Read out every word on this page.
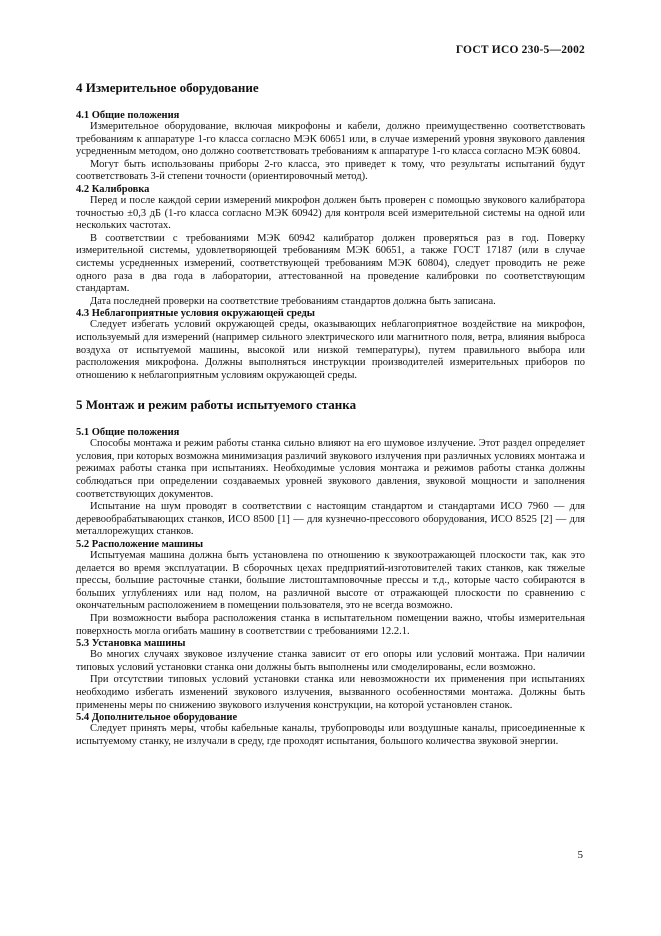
ГОСТ ИСО 230-5—2002
4 Измерительное оборудование
4.1 Общие положения

Измерительное оборудование, включая микрофоны и кабели, должно преимущественно соответствовать требованиям к аппаратуре 1-го класса согласно МЭК 60651 или, в случае измерений уровня звукового давления усредненным методом, оно должно соответствовать требованиям к аппаратуре 1-го класса согласно МЭК 60804.

Могут быть использованы приборы 2-го класса, это приведет к тому, что результаты испытаний будут соответствовать 3-й степени точности (ориентировочный метод).

4.2 Калибровка

Перед и после каждой серии измерений микрофон должен быть проверен с помощью звукового калибратора точностью ±0,3 дБ (1-го класса согласно МЭК 60942) для контроля всей измерительной системы на одной или нескольких частотах.

В соответствии с требованиями МЭК 60942 калибратор должен проверяться раз в год. Поверку измерительной системы, удовлетворяющей требованиям МЭК 60651, а также ГОСТ 17187 (или в случае системы усредненных измерений, соответствующей требованиям МЭК 60804), следует проводить не реже одного раза в два года в лаборатории, аттестованной на проведение калибровки по соответствующим стандартам.

Дата последней проверки на соответствие требованиям стандартов должна быть записана.

4.3 Неблагоприятные условия окружающей среды

Следует избегать условий окружающей среды, оказывающих неблагоприятное воздействие на микрофон, используемый для измерений (например сильного электрического или магнитного поля, ветра, влияния выброса воздуха от испытуемой машины, высокой или низкой температуры), путем правильного выбора или расположения микрофона. Должны выполняться инструкции производителей измерительных приборов по отношению к неблагоприятным условиям окружающей среды.

5 Монтаж и режим работы испытуемого станка
5.1 Общие положения

Способы монтажа и режим работы станка сильно влияют на его шумовое излучение. Этот раздел определяет условия, при которых возможна минимизация различий звукового излучения при различных условиях монтажа и режимах работы станка при испытаниях. Необходимые условия монтажа и режимов работы станка должны соблюдаться при определении создаваемых уровней звукового давления, звуковой мощности и заполнения соответствующих документов.

Испытание на шум проводят в соответствии с настоящим стандартом и стандартами ИСО 7960 — для деревообрабатывающих станков, ИСО 8500 [1] — для кузнечно-прессового оборудования, ИСО 8525 [2] — для металлорежущих станков.

5.2 Расположение машины

Испытуемая машина должна быть установлена по отношению к звукоотражающей плоскости так, как это делается во время эксплуатации. В сборочных цехах предприятий-изготовителей таких станков, как тяжелые прессы, большие расточные станки, большие листоштамповочные прессы и т.д., которые часто собираются в больших углублениях или над полом, на различной высоте от отражающей плоскости по сравнению с окончательным расположением в помещении пользователя, это не всегда возможно.

При возможности выбора расположения станка в испытательном помещении важно, чтобы измерительная поверхность могла огибать машину в соответствии с требованиями 12.2.1.

5.3 Установка машины

Во многих случаях звуковое излучение станка зависит от его опоры или условий монтажа. При наличии типовых условий установки станка они должны быть выполнены или смоделированы, если возможно.

При отсутствии типовых условий установки станка или невозможности их применения при испытаниях необходимо избегать изменений звукового излучения, вызванного особенностями монтажа. Должны быть применены меры по снижению звукового излучения конструкции, на которой установлен станок.

5.4 Дополнительное оборудование

Следует принять меры, чтобы кабельные каналы, трубопроводы или воздушные каналы, присоединенные к испытуемому станку, не излучали в среду, где проходят испытания, большого количества звуковой энергии.

5
